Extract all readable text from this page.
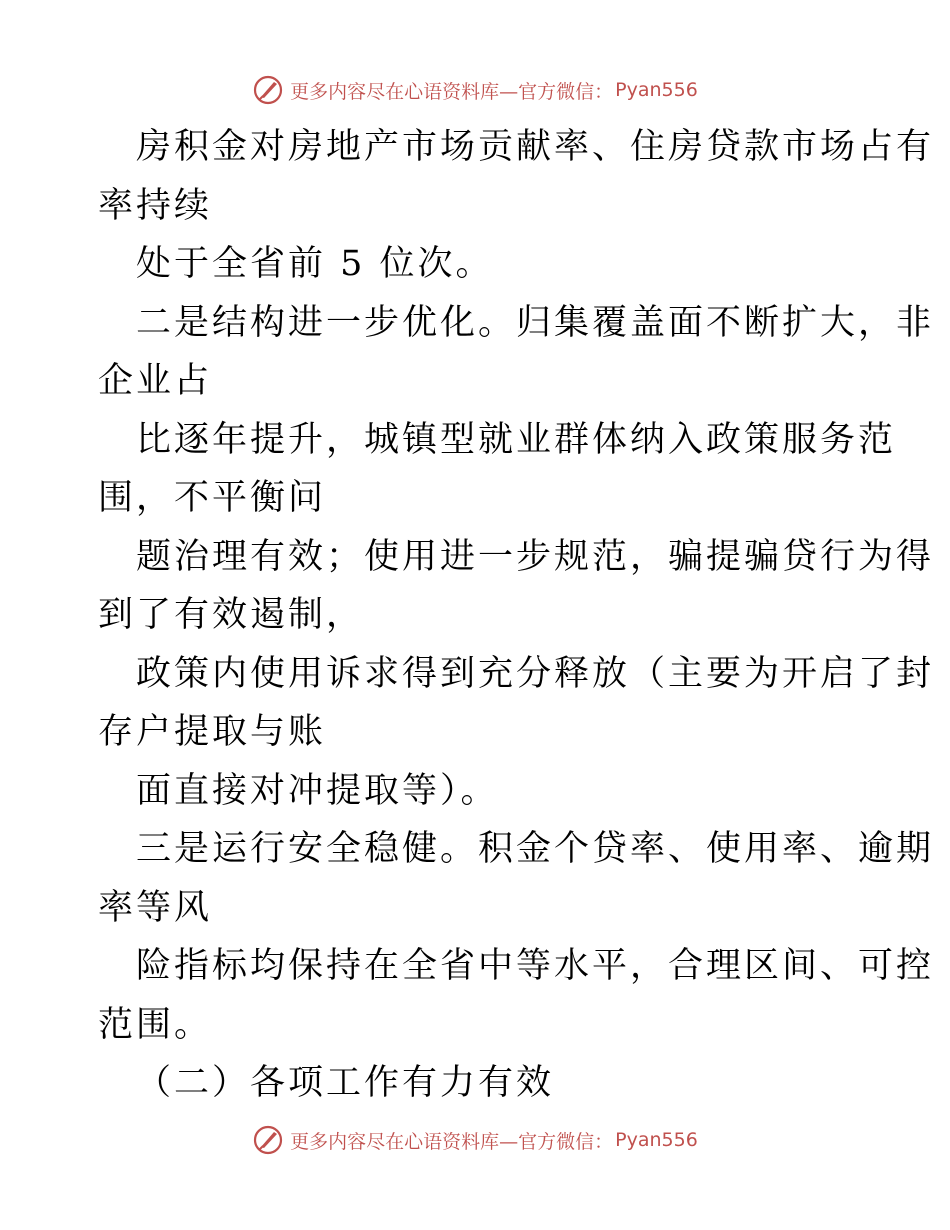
更多内容尽在心语资料库—官方微信： Pyan556
房积金对房地产市场贡献率、住房贷款市场占有
率持续
处于全省前 5 位次。
二是结构进一步优化。归集覆盖面不断扩大，非
企业占
比逐年提升，城镇型就业群体纳入政策服务范
围，不平衡问
题治理有效；使用进一步规范，骗提骗贷行为得
到了有效遏制，
政策内使用诉求得到充分释放（主要为开启了封
存户提取与账
面直接对冲提取等）。
三是运行安全稳健。积金个贷率、使用率、逾期
率等风
险指标均保持在全省中等水平，合理区间、可控
范围。
（二）各项工作有力有效
更多内容尽在心语资料库—官方微信： Pyan556
